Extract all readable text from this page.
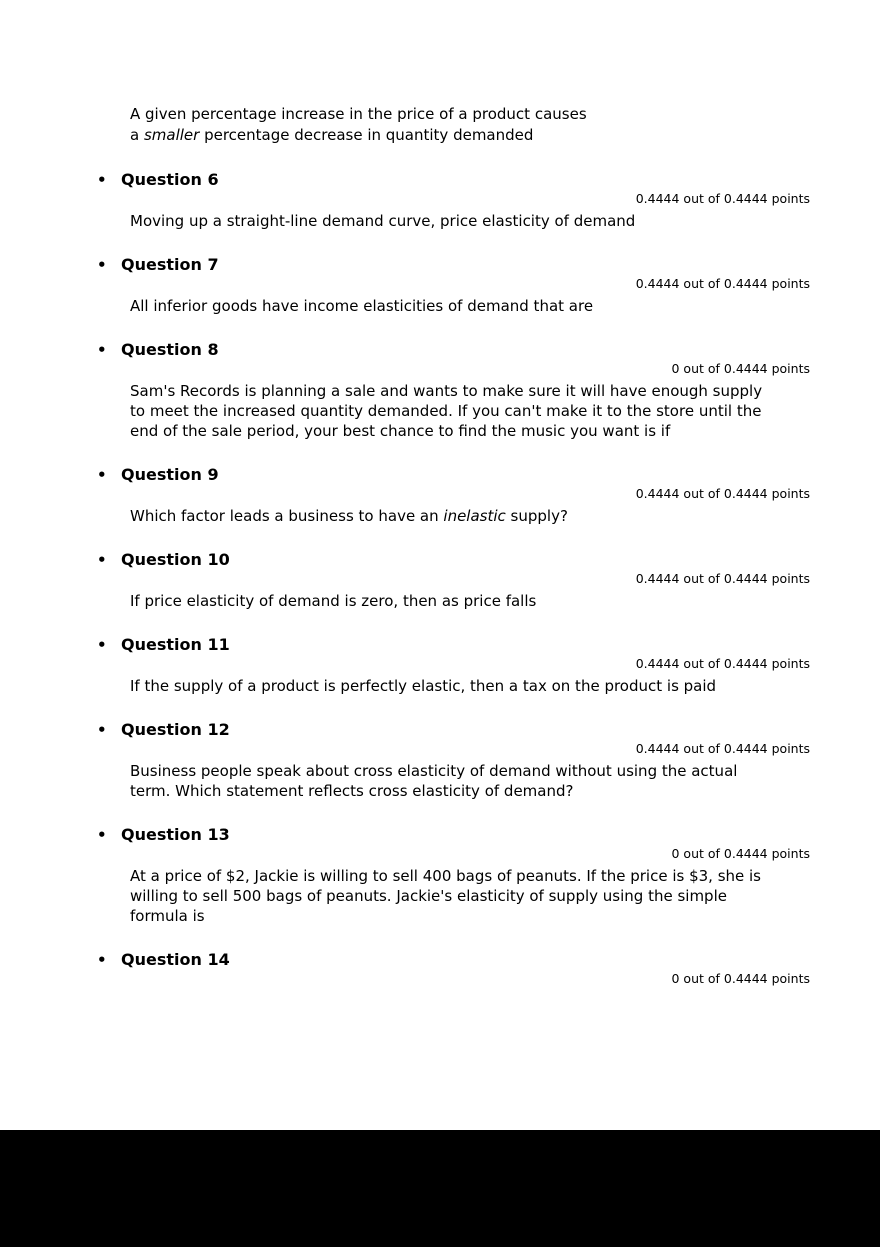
A given percentage increase in the price of a product causes
a smaller percentage decrease in quantity demanded
• Question 6
0.4444 out of 0.4444 points
Moving up a straight-line demand curve, price elasticity of demand
• Question 7
0.4444 out of 0.4444 points
All inferior goods have income elasticities of demand that are
• Question 8
0 out of 0.4444 points
Sam's Records is planning a sale and wants to make sure it will have enough supply to meet the increased quantity demanded. If you can't make it to the store until the end of the sale period, your best chance to find the music you want is if
• Question 9
0.4444 out of 0.4444 points
Which factor leads a business to have an inelastic supply?
• Question 10
0.4444 out of 0.4444 points
If price elasticity of demand is zero, then as price falls
• Question 11
0.4444 out of 0.4444 points
If the supply of a product is perfectly elastic, then a tax on the product is paid
• Question 12
0.4444 out of 0.4444 points
Business people speak about cross elasticity of demand without using the actual term. Which statement reflects cross elasticity of demand?
• Question 13
0 out of 0.4444 points
At a price of $2, Jackie is willing to sell 400 bags of peanuts. If the price is $3, she is willing to sell 500 bags of peanuts. Jackie's elasticity of supply using the simple formula is
• Question 14
0 out of 0.4444 points
